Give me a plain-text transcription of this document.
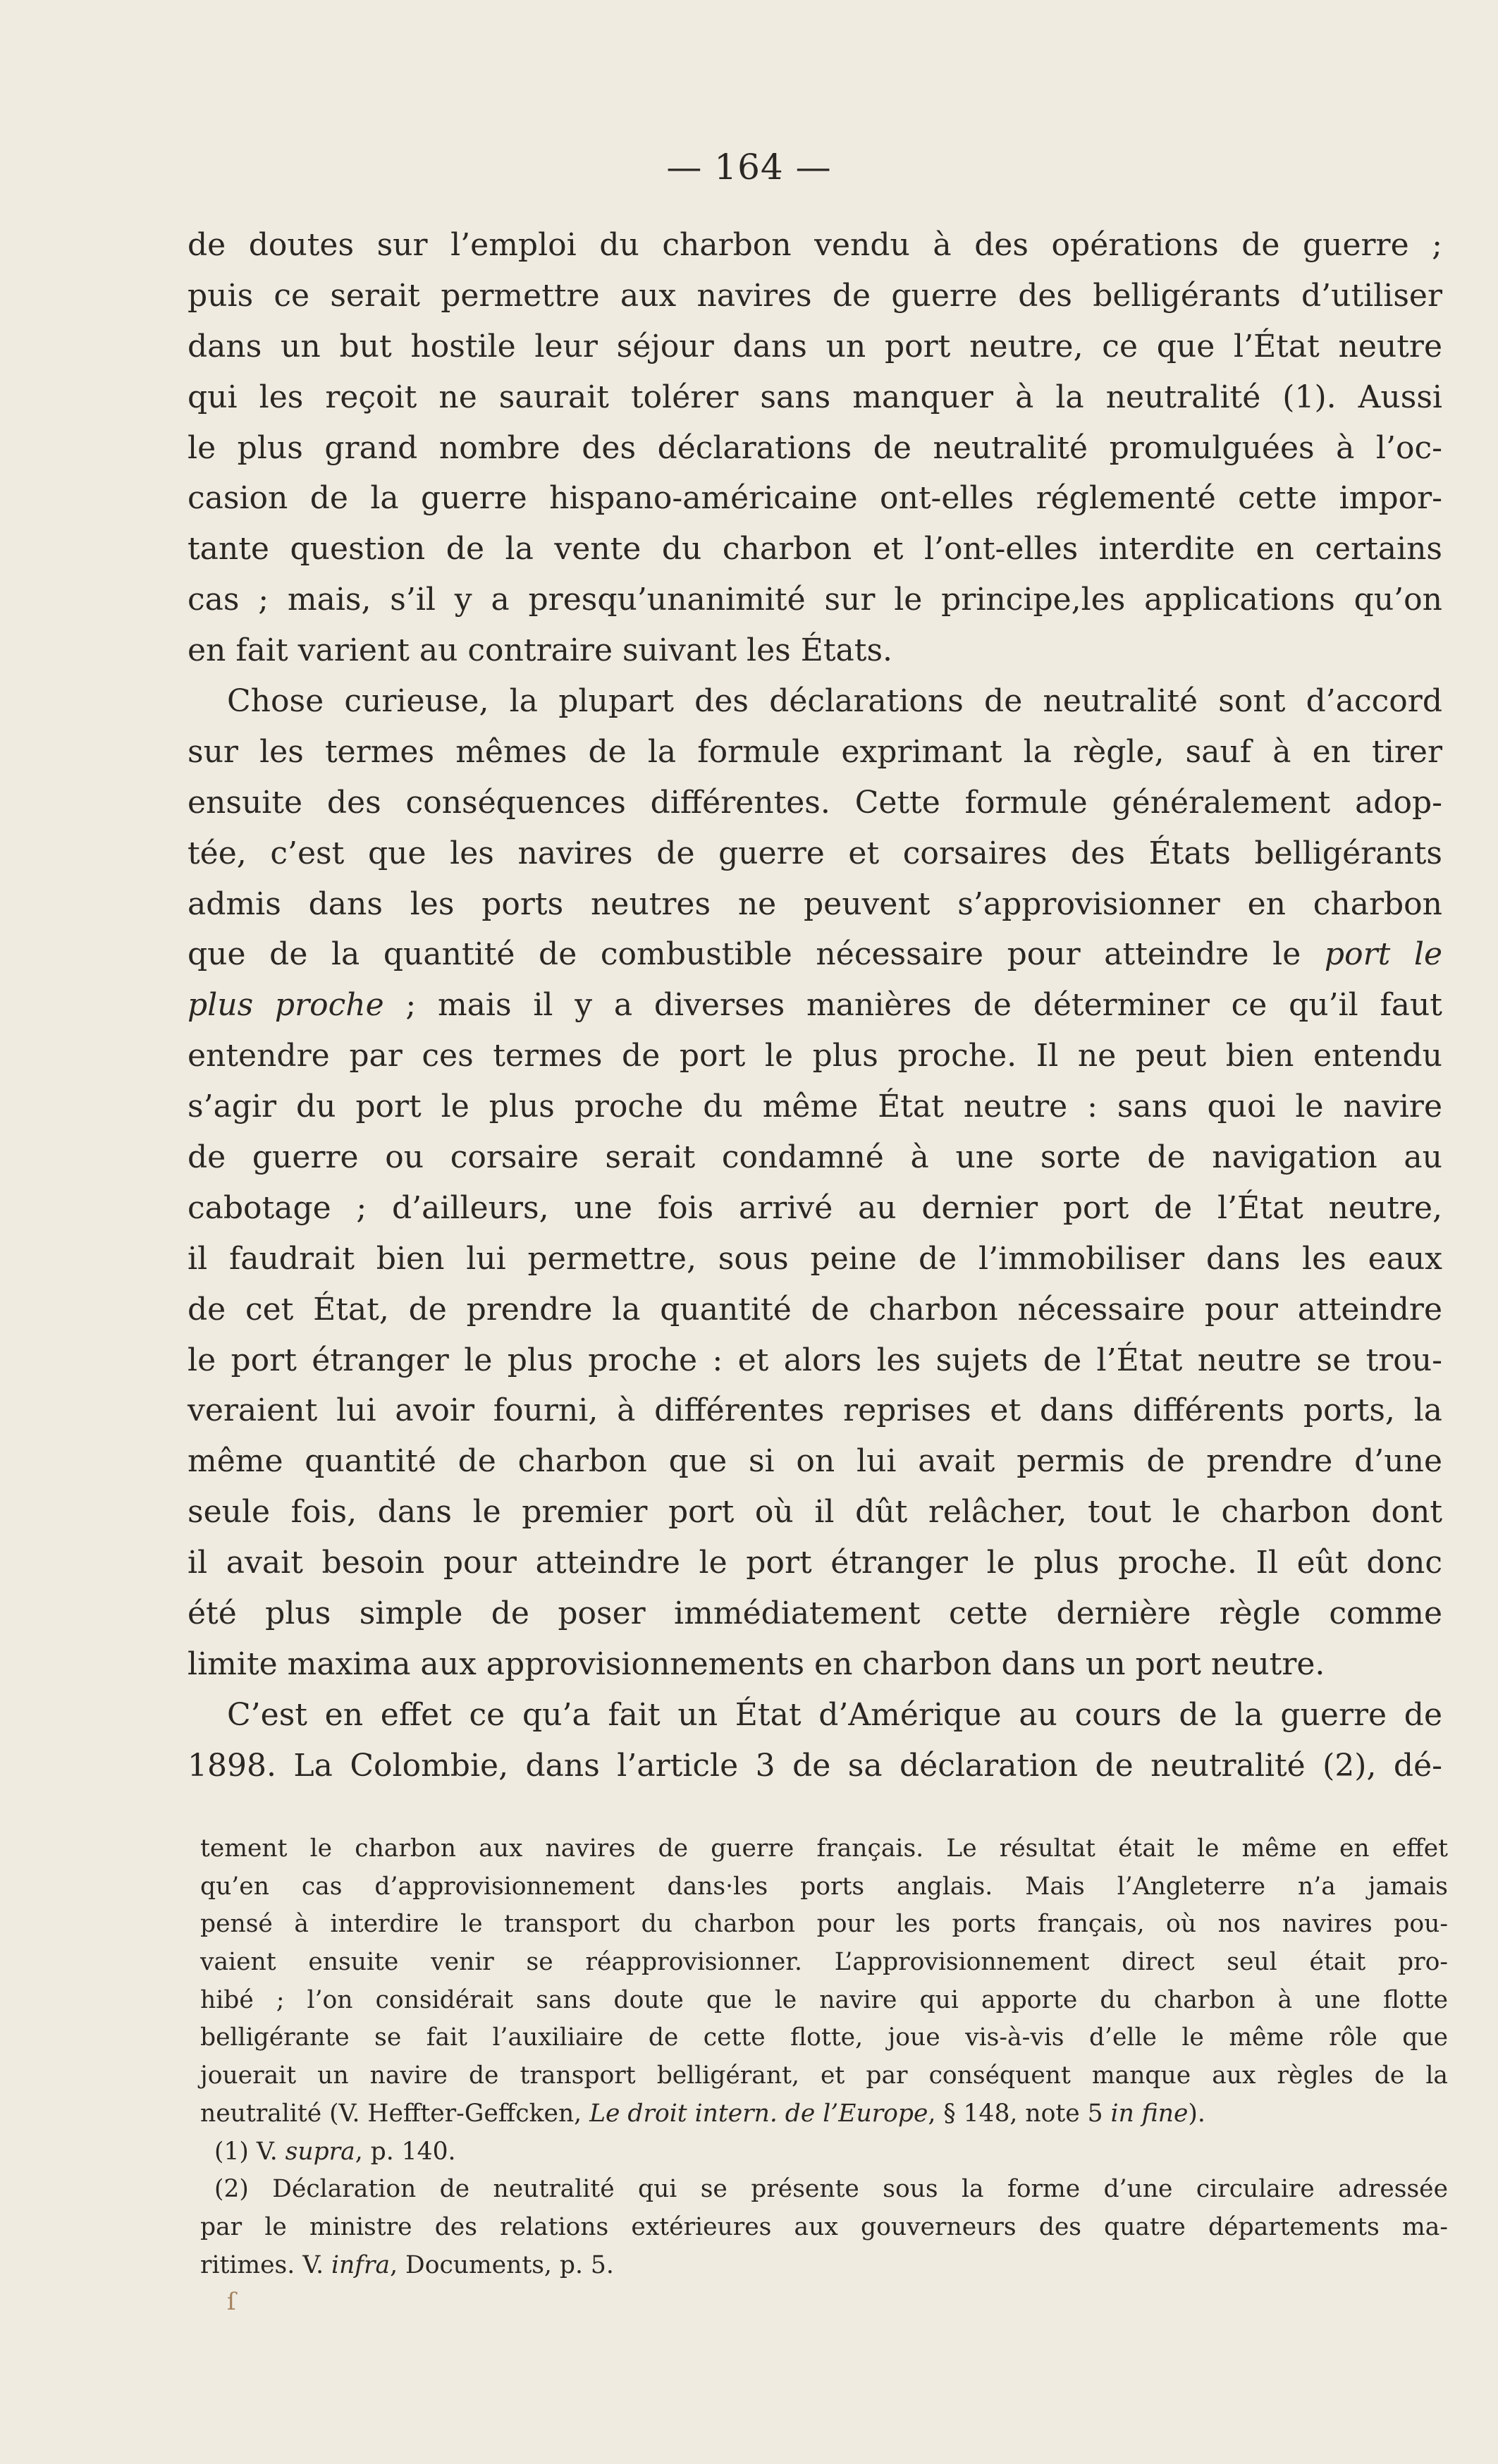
— 164 —
de doutes sur l’emploi du charbon vendu à des opérations de guerre ;
puis ce serait permettre aux navires de guerre des belligérants d’utiliser
dans un but hostile leur séjour dans un port neutre, ce que l’État neutre
qui les reçoit ne saurait tolérer sans manquer à la neutralité (1). Aussi
le plus grand nombre des déclarations de neutralité promulguées à l’oc-
casion de la guerre hispano-américaine ont-elles réglementé cette impor-
tante question de la vente du charbon et l’ont-elles interdite en certains
cas ; mais, s’il y a presqu’unanimité sur le principe,les applications qu’on
en fait varient au contraire suivant les États.
Chose curieuse, la plupart des déclarations de neutralité sont d’accord
sur les termes mêmes de la formule exprimant la règle, sauf à en tirer
ensuite des conséquences différentes. Cette formule généralement adop-
tée, c’est que les navires de guerre et corsaires des États belligérants
admis dans les ports neutres ne peuvent s’approvisionner en charbon
que de la quantité de combustible nécessaire pour atteindre le port le
plus proche ; mais il y a diverses manières de déterminer ce qu’il faut
entendre par ces termes de port le plus proche. Il ne peut bien entendu
s’agir du port le plus proche du même État neutre : sans quoi le navire
de guerre ou corsaire serait condamné à une sorte de navigation au
cabotage ; d’ailleurs, une fois arrivé au dernier port de l’État neutre,
il faudrait bien lui permettre, sous peine de l’immobiliser dans les eaux
de cet État, de prendre la quantité de charbon nécessaire pour atteindre
le port étranger le plus proche : et alors les sujets de l’État neutre se trou-
veraient lui avoir fourni, à différentes reprises et dans différents ports, la
même quantité de charbon que si on lui avait permis de prendre d’une
seule fois, dans le premier port où il dût relâcher, tout le charbon dont
il avait besoin pour atteindre le port étranger le plus proche. Il eût donc
été plus simple de poser immédiatement cette dernière règle comme
limite maxima aux approvisionnements en charbon dans un port neutre.
C’est en effet ce qu’a fait un État d’Amérique au cours de la guerre de
1898. La Colombie, dans l’article 3 de sa déclaration de neutralité (2), dé-
tement le charbon aux navires de guerre français. Le résultat était le même en effet
qu’en cas d’approvisionnement dans·les ports anglais. Mais l’Angleterre n’a jamais
pensé à interdire le transport du charbon pour les ports français, où nos navires pou-
vaient ensuite venir se réapprovisionner. L’approvisionnement direct seul était pro-
hibé ; l’on considérait sans doute que le navire qui apporte du charbon à une flotte
belligérante se fait l’auxiliaire de cette flotte, joue vis-à-vis d’elle le même rôle que
jouerait un navire de transport belligérant, et par conséquent manque aux règles de la
neutralité (V. Heffter-Geffcken, Le droit intern. de l’Europe, § 148, note 5 in fine).
(1) V. supra, p. 140.
(2) Déclaration de neutralité qui se présente sous la forme d’une circulaire adressée
par le ministre des relations extérieures aux gouverneurs des quatre départements ma-
ritimes. V. infra, Documents, p. 5.
ſ
